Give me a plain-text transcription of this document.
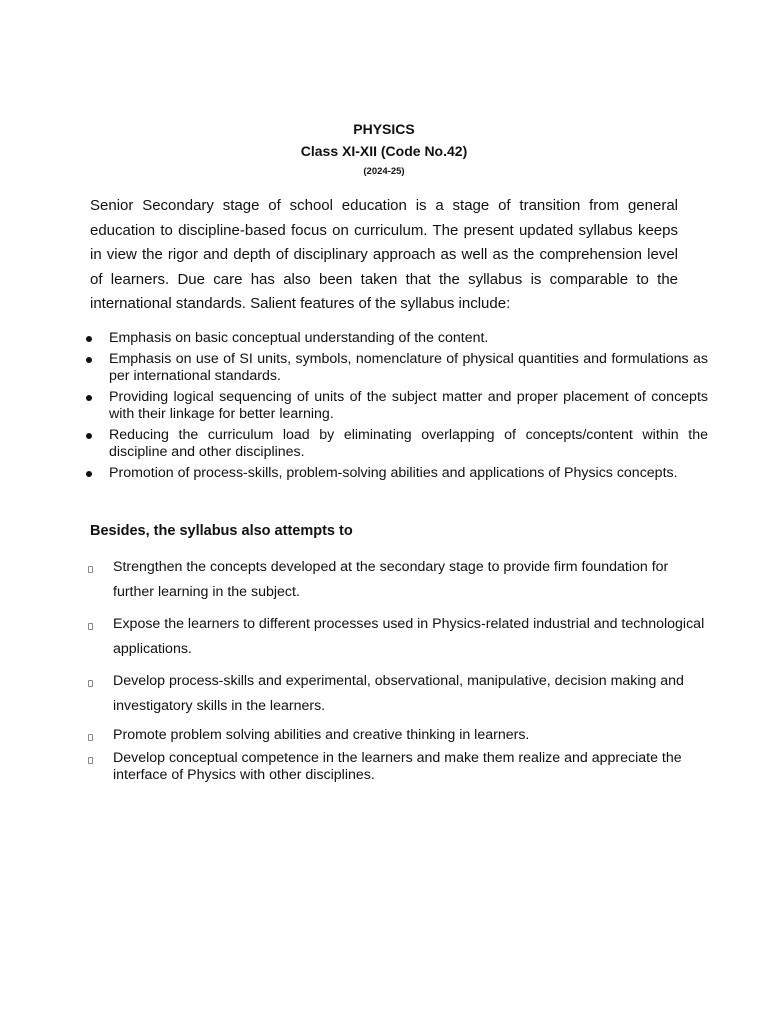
PHYSICS
Class XI-XII (Code No.42)
(2024-25)

Senior Secondary stage of school education is a stage of transition from general education to discipline-based focus on curriculum. The present updated syllabus keeps in view the rigor and depth of disciplinary approach as well as the comprehension level of learners. Due care has also been taken that the syllabus is comparable to the international standards. Salient features of the syllabus include:

Emphasis on basic conceptual understanding of the content.
Emphasis on use of SI units, symbols, nomenclature of physical quantities and formulations as per international standards.
Providing logical sequencing of units of the subject matter and proper placement of concepts with their linkage for better learning.
Reducing the curriculum load by eliminating overlapping of concepts/content within the discipline and other disciplines.
Promotion of process-skills, problem-solving abilities and applications of Physics concepts.
Besides, the syllabus also attempts to
Strengthen the concepts developed at the secondary stage to provide firm foundation for further learning in the subject.
Expose the learners to different processes used in Physics-related industrial and technological applications.
Develop process-skills and experimental, observational, manipulative, decision making and investigatory skills in the learners.
Promote problem solving abilities and creative thinking in learners.
Develop conceptual competence in the learners and make them realize and appreciate the interface of Physics with other disciplines.
